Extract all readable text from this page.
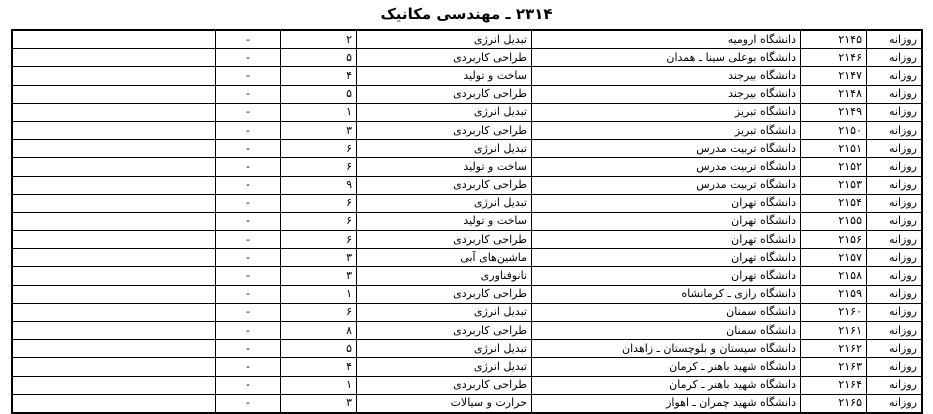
۲۳۱۴ ـ مهندسی مکانیک
روزانه	۲۱۴۵	دانشگاه ارومیه	تبدیل انرژی	۲	-	
روزانه	۲۱۴۶	دانشگاه بوعلی سینا ـ همدان	طراحی کاربردی	۵	-	
روزانه	۲۱۴۷	دانشگاه بیرجند	ساخت و تولید	۴	-	
روزانه	۲۱۴۸	دانشگاه بیرجند	طراحی کاربردی	۵	-	
روزانه	۲۱۴۹	دانشگاه تبریز	تبدیل انرژی	۱	-	
روزانه	۲۱۵۰	دانشگاه تبریز	طراحی کاربردی	۳	-	
روزانه	۲۱۵۱	دانشگاه تربیت مدرس	تبدیل انرژی	۶	-	
روزانه	۲۱۵۲	دانشگاه تربیت مدرس	ساخت و تولید	۶	-	
روزانه	۲۱۵۳	دانشگاه تربیت مدرس	طراحی کاربردی	۹	-	
روزانه	۲۱۵۴	دانشگاه تهران	تبدیل انرژی	۶	-	
روزانه	۲۱۵۵	دانشگاه تهران	ساخت و تولید	۶	-	
روزانه	۲۱۵۶	دانشگاه تهران	طراحی کاربردی	۶	-	
روزانه	۲۱۵۷	دانشگاه تهران	ماشین‌های آبی	۳	-	
روزانه	۲۱۵۸	دانشگاه تهران	نانوفناوری	۳	-	
روزانه	۲۱۵۹	دانشگاه رازی ـ کرمانشاه	طراحی کاربردی	۱	-	
روزانه	۲۱۶۰	دانشگاه سمنان	تبدیل انرژی	۶	-	
روزانه	۲۱۶۱	دانشگاه سمنان	طراحی کاربردی	۸	-	
روزانه	۲۱۶۲	دانشگاه سیستان و بلوچستان ـ زاهدان	تبدیل انرژی	۵	-	
روزانه	۲۱۶۳	دانشگاه شهید باهنر ـ کرمان	تبدیل انرژی	۴	-	
روزانه	۲۱۶۴	دانشگاه شهید باهنر ـ کرمان	طراحی کاربردی	۱	-	
روزانه	۲۱۶۵	دانشگاه شهید چمران ـ اهواز	حرارت و سیالات	۳	-	
